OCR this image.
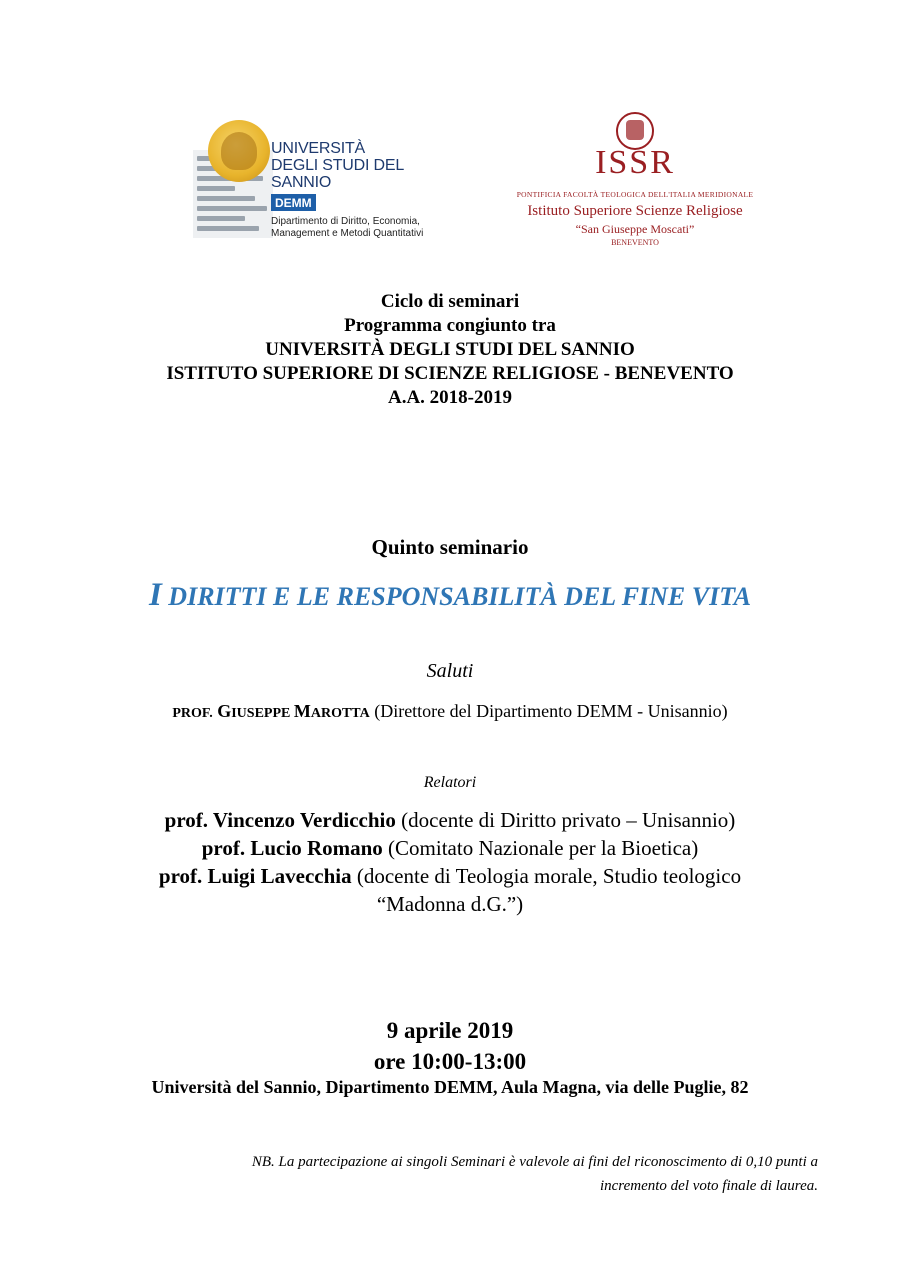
UNIVERSITÀ
DEGLI STUDI DEL SANNIO
DEMM
Dipartimento di Diritto, Economia,
Management e Metodi Quantitativi
ISSR
PONTIFICIA FACOLTÀ TEOLOGICA DELL'ITALIA MERIDIONALE
Istituto Superiore Scienze Religiose
“San Giuseppe Moscati”
BENEVENTO
Ciclo di seminari
Programma congiunto tra
UNIVERSITÀ DEGLI STUDI DEL SANNIO
ISTITUTO SUPERIORE DI SCIENZE RELIGIOSE - BENEVENTO
A.A. 2018-2019
Quinto seminario
I DIRITTI E LE RESPONSABILITÀ DEL FINE VITA
Saluti
PROF. GIUSEPPE MAROTTA (Direttore del Dipartimento DEMM - Unisannio)
Relatori
prof. Vincenzo Verdicchio (docente di Diritto privato – Unisannio)
prof. Lucio Romano (Comitato Nazionale per la Bioetica)
prof. Luigi Lavecchia (docente di Teologia morale, Studio teologico
“Madonna d.G.”)
9 aprile 2019
ore 10:00-13:00
Università del Sannio, Dipartimento DEMM, Aula Magna, via delle Puglie, 82
NB. La partecipazione ai singoli Seminari è valevole ai fini del riconoscimento di 0,10 punti a
incremento del voto finale di laurea.
